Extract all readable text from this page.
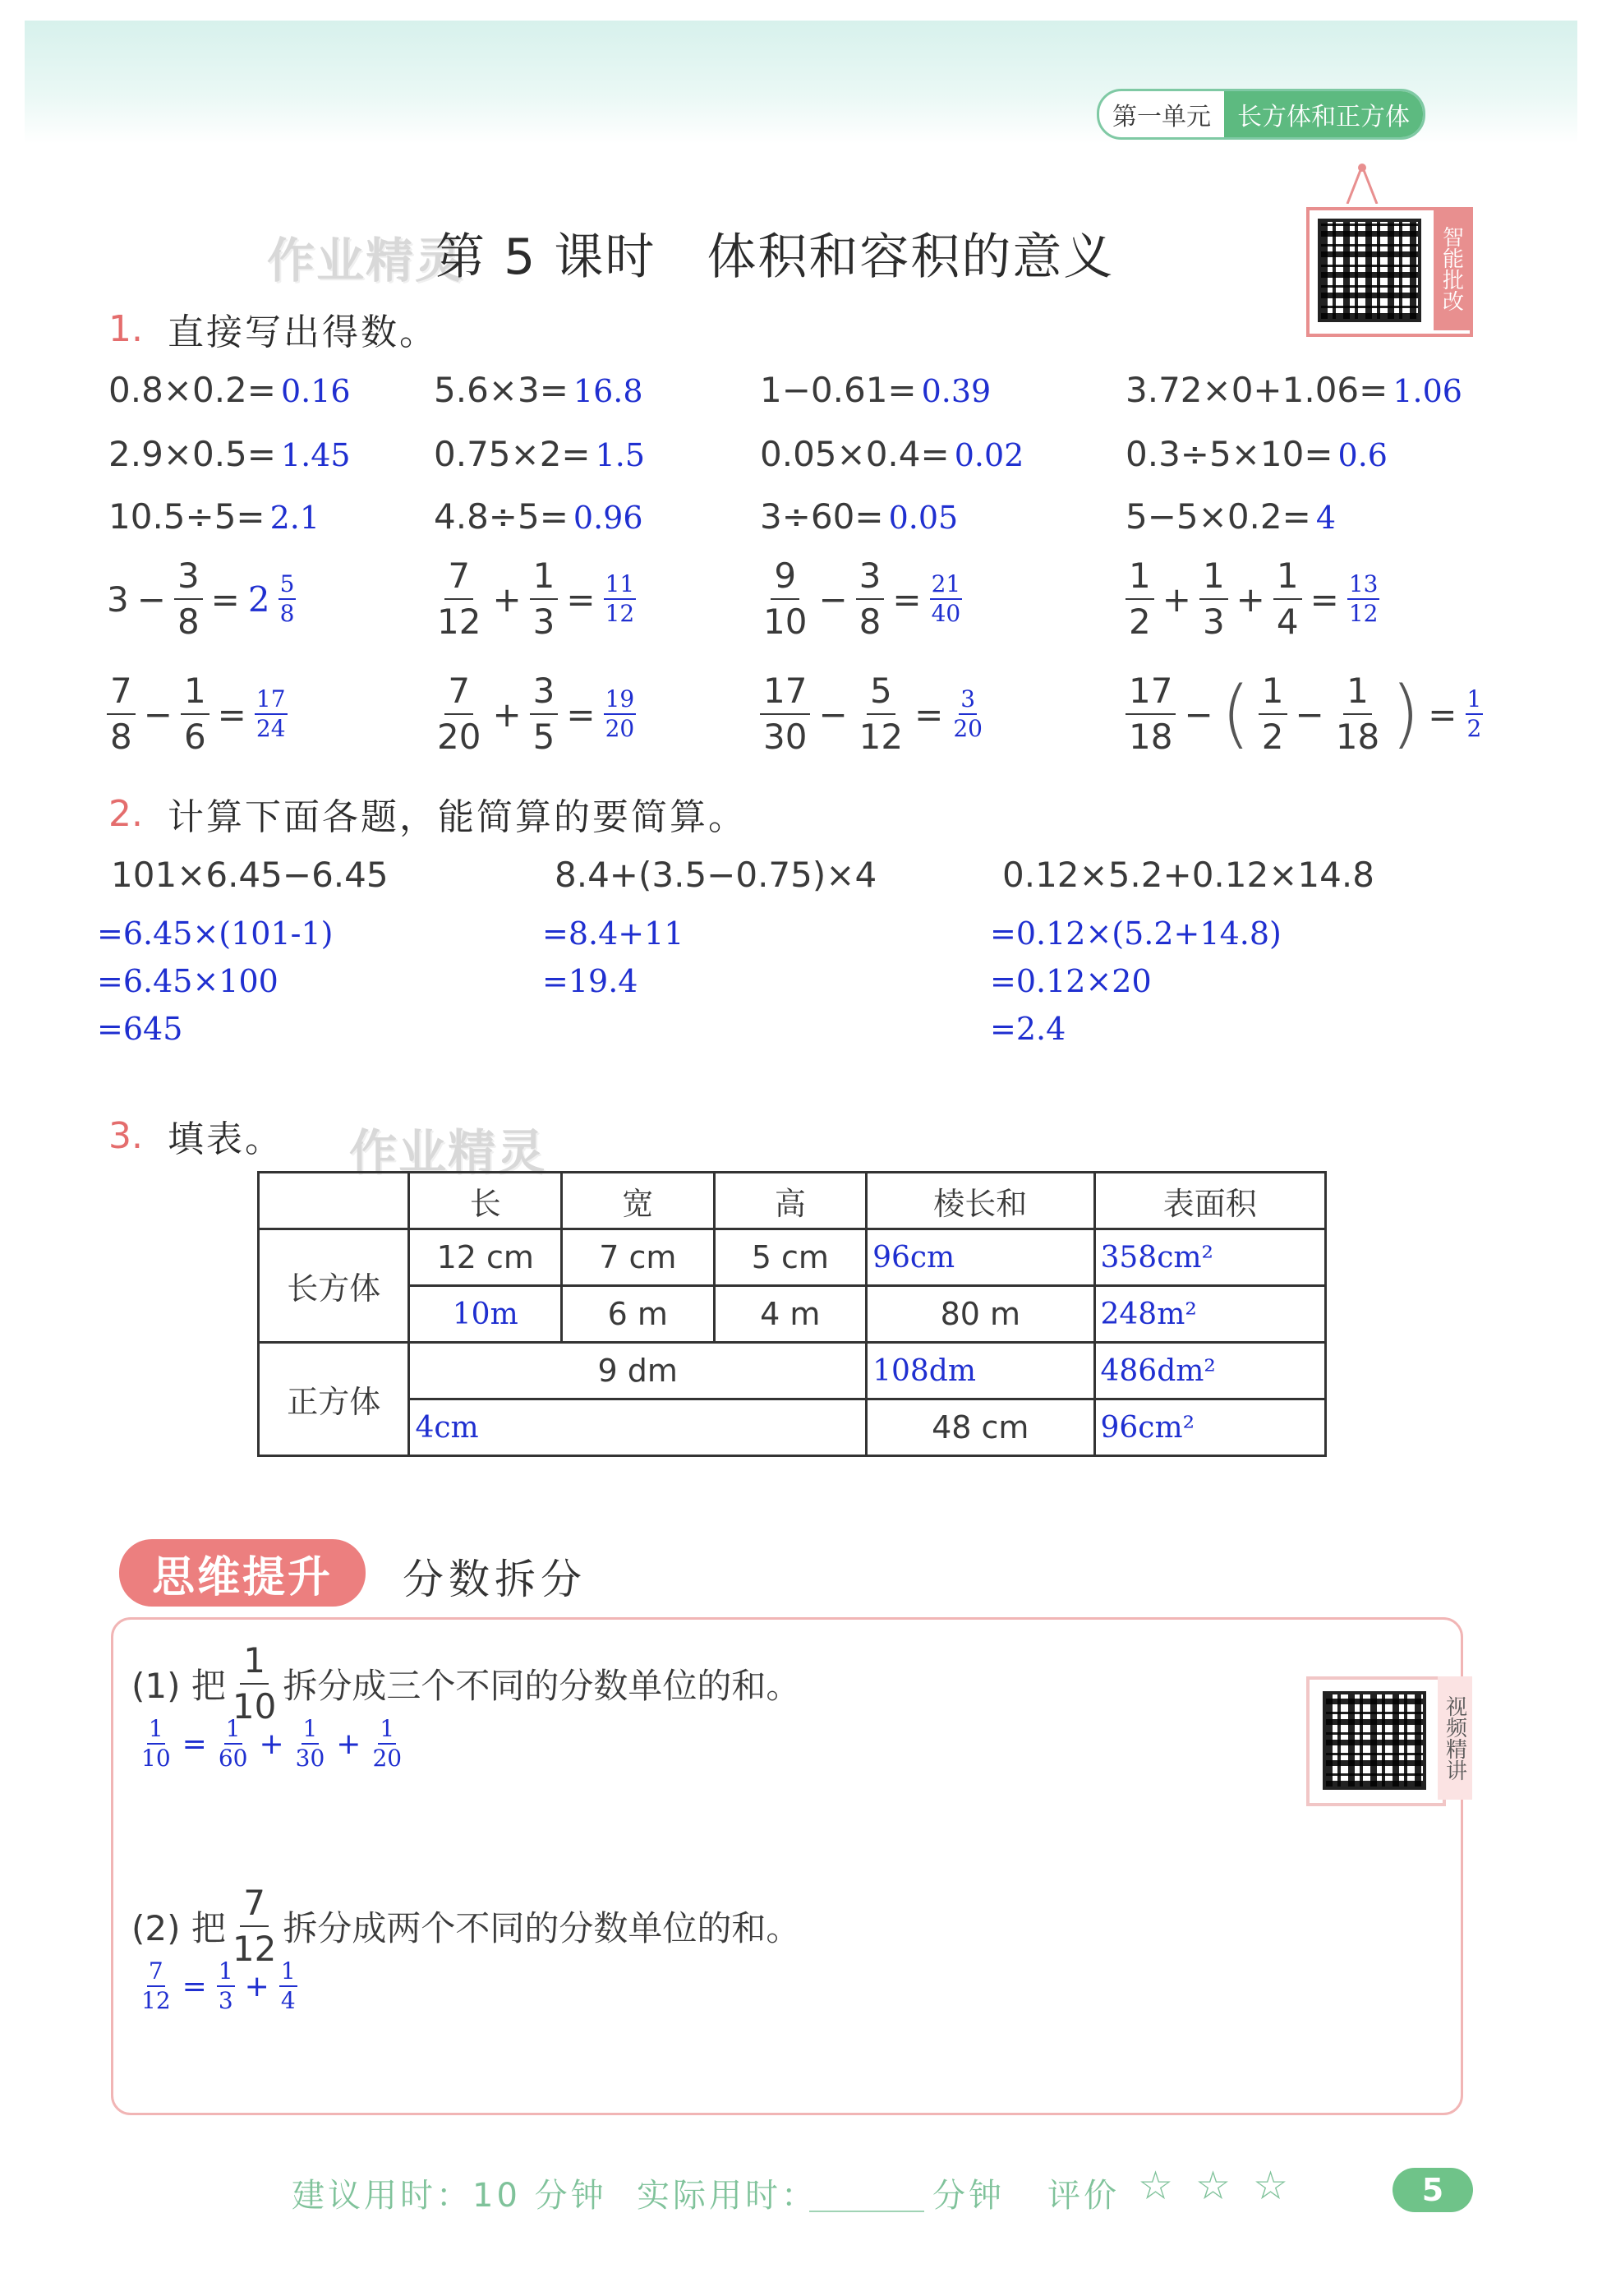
第一单元	长方体和正方体
作业精灵
第 5 课时　体积和容积的意义	智能批改
1. 直接写出得数。
0.8×0.2= 0.16 5.6×3= 16.8	1−0.61= 0.39	3.72×0+1.06= 1.06
2.9×0.5= 1.45 0.75×2= 1.5	0.05×0.4= 0.02	0.3÷5×10= 0.6
10.5÷5= 2.1	4.8÷5= 0.96	3÷60= 0.05	5−5×0.2= 4
$3 - \frac{3}{8} = 2 \frac{5}{8}$	$\frac{7}{12} + \frac{1}{3} = \frac{11}{12}$	$\frac{9}{10} - \frac{3}{8} = \frac{21}{40}$	$\frac{1}{2} + \frac{1}{3} + \frac{1}{4} = \frac{13}{12}$
$\frac{7}{8} - \frac{1}{6} = \frac{17}{24}$	$\frac{7}{20} + \frac{3}{5} = \frac{19}{20}$	$\frac{17}{30} - \frac{5}{12} = \frac{3}{20}$	$\frac{17}{18}$ − ( $\frac{1}{2} - \frac{1}{18}$ ) = $\frac{1}{2}$
2. 计算下面各题，能简算的要简算。
101×6.45−6.45	8.4+(3.5−0.75)×4	0.12×5.2+0.12×14.8
=6.45×(101-1)
=6.45×100
=645
=8.4+11
=19.4
=0.12×(5.2+14.8)
=0.12×20
=2.4
3. 填表。 作业精灵
	长	宽	高	棱长和	表面积
长方体	12 cm	7 cm	5 cm	96cm	358cm²
	10m	6 m	4 m	80 m	248m²
正方体	9 dm			108dm	486dm²
	4cm			48 cm	96cm²
思维提升	分数拆分
视频精讲
(1) 把 $\frac{1}{10}$ 拆分成三个不同的分数单位的和。
$\frac{1}{10} = \frac{1}{60} + \frac{1}{30} + \frac{1}{20}$
(2) 把 $\frac{7}{12}$ 拆分成两个不同的分数单位的和。
$\frac{7}{12} = \frac{1}{3} + \frac{1}{4}$
建议用时：10 分钟 实际用时：	分钟 评价 ☆ ☆ ☆	5
